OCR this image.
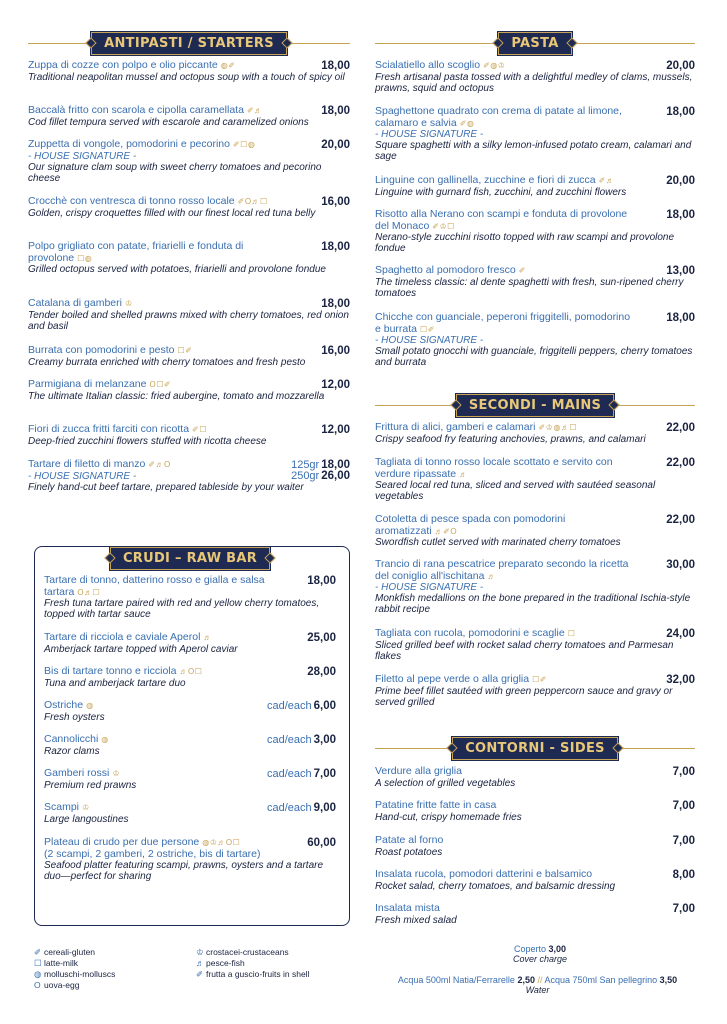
ANTIPASTI / STARTERS
Zuppa di cozze con polpo e olio piccante ◍✐	18,00
Traditional neapolitan mussel and octopus soup with a touch of spicy oil
Baccalà fritto con scarola e cipolla caramellata ✐♬	18,00
Cod fillet tempura served with escarole and caramelized onions
Zuppetta di vongole, pomodorini e pecorino ✐☐◍	20,00
- HOUSE SIGNATURE -
Our signature clam soup with sweet cherry tomatoes and pecorino cheese
Crocchè con ventresca di tonno rosso locale ✐O♬☐	16,00
Golden, crispy croquettes filled with our finest local red tuna belly
Polpo grigliato con patate, friarielli e fonduta di provolone ☐◍
18,00
Grilled octopus served with potatoes, friarielli and provolone fondue
Catalana di gamberi ♔	18,00
Tender boiled and shelled prawns mixed with cherry tomatoes, red onion and basil
Burrata con pomodorini e pesto ☐✐	16,00
Creamy burrata enriched with cherry tomatoes and fresh pesto
Parmigiana di melanzane O☐✐	12,00
The ultimate Italian classic: fried aubergine, tomato and mozzarella
Fiori di zucca fritti farciti con ricotta ✐☐	12,00
Deep-fried zucchini flowers stuffed with ricotta cheese
Tartare di filetto di manzo ✐♬O	125gr 18,00
250gr 26,00
- HOUSE SIGNATURE -
Finely hand-cut beef tartare, prepared tableside by your waiter
CRUDI – RAW BAR
Tartare di tonno, datterino rosso e gialla e salsa tartara O♬☐
18,00
Fresh tuna tartare paired with red and yellow cherry tomatoes, topped with tartar sauce
Tartare di ricciola e caviale Aperol ♬	25,00
Amberjack tartare topped with Aperol caviar
Bis di tartare tonno e ricciola ♬O☐	28,00
Tuna and amberjack tartare duo
Ostriche ◍	cad/each 6,00
Fresh oysters
Cannolicchi ◍	cad/each 3,00
Razor clams
Gamberi rossi ♔	cad/each 7,00
Premium red prawns
Scampi ♔	cad/each 9,00
Large langoustines
Plateau di crudo per due persone ◍♔♬O☐
(2 scampi, 2 gamberi, 2 ostriche, bis di tartare)
60,00
Seafood platter featuring scampi, prawns, oysters and a tartare duo—perfect for sharing
PASTA
Scialatiello allo scoglio ✐◍♔	20,00
Fresh artisanal pasta tossed with a delightful medley of clams, mussels, prawns, squid and octopus
Spaghettone quadrato con crema di patate al limone, calamaro e salvia ✐◍
18,00
- HOUSE SIGNATURE -
Square spaghetti with a silky lemon-infused potato cream, calamari and sage
Linguine con gallinella, zucchine e fiori di zucca ✐♬	20,00
Linguine with gurnard fish, zucchini, and zucchini flowers
Risotto alla Nerano con scampi e fonduta di provolone del Monaco ✐♔☐
18,00
Nerano-style zucchini risotto topped with raw scampi and provolone fondue
Spaghetto al pomodoro fresco ✐	13,00
The timeless classic: al dente spaghetti with fresh, sun-ripened cherry tomatoes
Chicche con guanciale, peperoni friggitelli, pomodorino e burrata ☐✐
18,00
- HOUSE SIGNATURE -
Small potato gnocchi with guanciale, friggitelli peppers, cherry tomatoes and burrata
SECONDI - MAINS
Frittura di alici, gamberi e calamari ✐♔◍♬☐	22,00
Crispy seafood fry featuring anchovies, prawns, and calamari
Tagliata di tonno rosso locale scottato e servito con verdure ripassate ♬
22,00
Seared local red tuna, sliced and served with sautéed seasonal vegetables
Cotoletta di pesce spada con pomodorini aromatizzati ♬✐O
22,00
Swordfish cutlet served with marinated cherry tomatoes
Trancio di rana pescatrice preparato secondo la ricetta del coniglio all'ischitana ♬
30,00
- HOUSE SIGNATURE -
Monkfish medallions on the bone prepared in the traditional Ischia-style rabbit recipe
Tagliata con rucola, pomodorini e scaglie ☐	24,00
Sliced grilled beef with rocket salad cherry tomatoes and Parmesan flakes
Filetto al pepe verde o alla griglia ☐✐	32,00
Prime beef fillet sautéed with green peppercorn sauce and gravy or served grilled
CONTORNI - SIDES
Verdure alla griglia	7,00
A selection of grilled vegetables
Patatine fritte fatte in casa	7,00
Hand-cut, crispy homemade fries
Patate al forno	7,00
Roast potatoes
Insalata rucola, pomodori datterini e balsamico	8,00
Rocket salad, cherry tomatoes, and balsamic dressing
Insalata mista	7,00
Fresh mixed salad
✐ cereali-gluten
☐ latte-milk
◍ molluschi-molluscs
O uova-egg
♔ crostacei-crustaceans
♬ pesce-fish
✐ frutta a guscio-fruits in shell
Coperto 3,00
Cover charge
Acqua 500ml Natia/Ferrarelle 2,50 // Acqua 750ml San pellegrino 3,50
Water
